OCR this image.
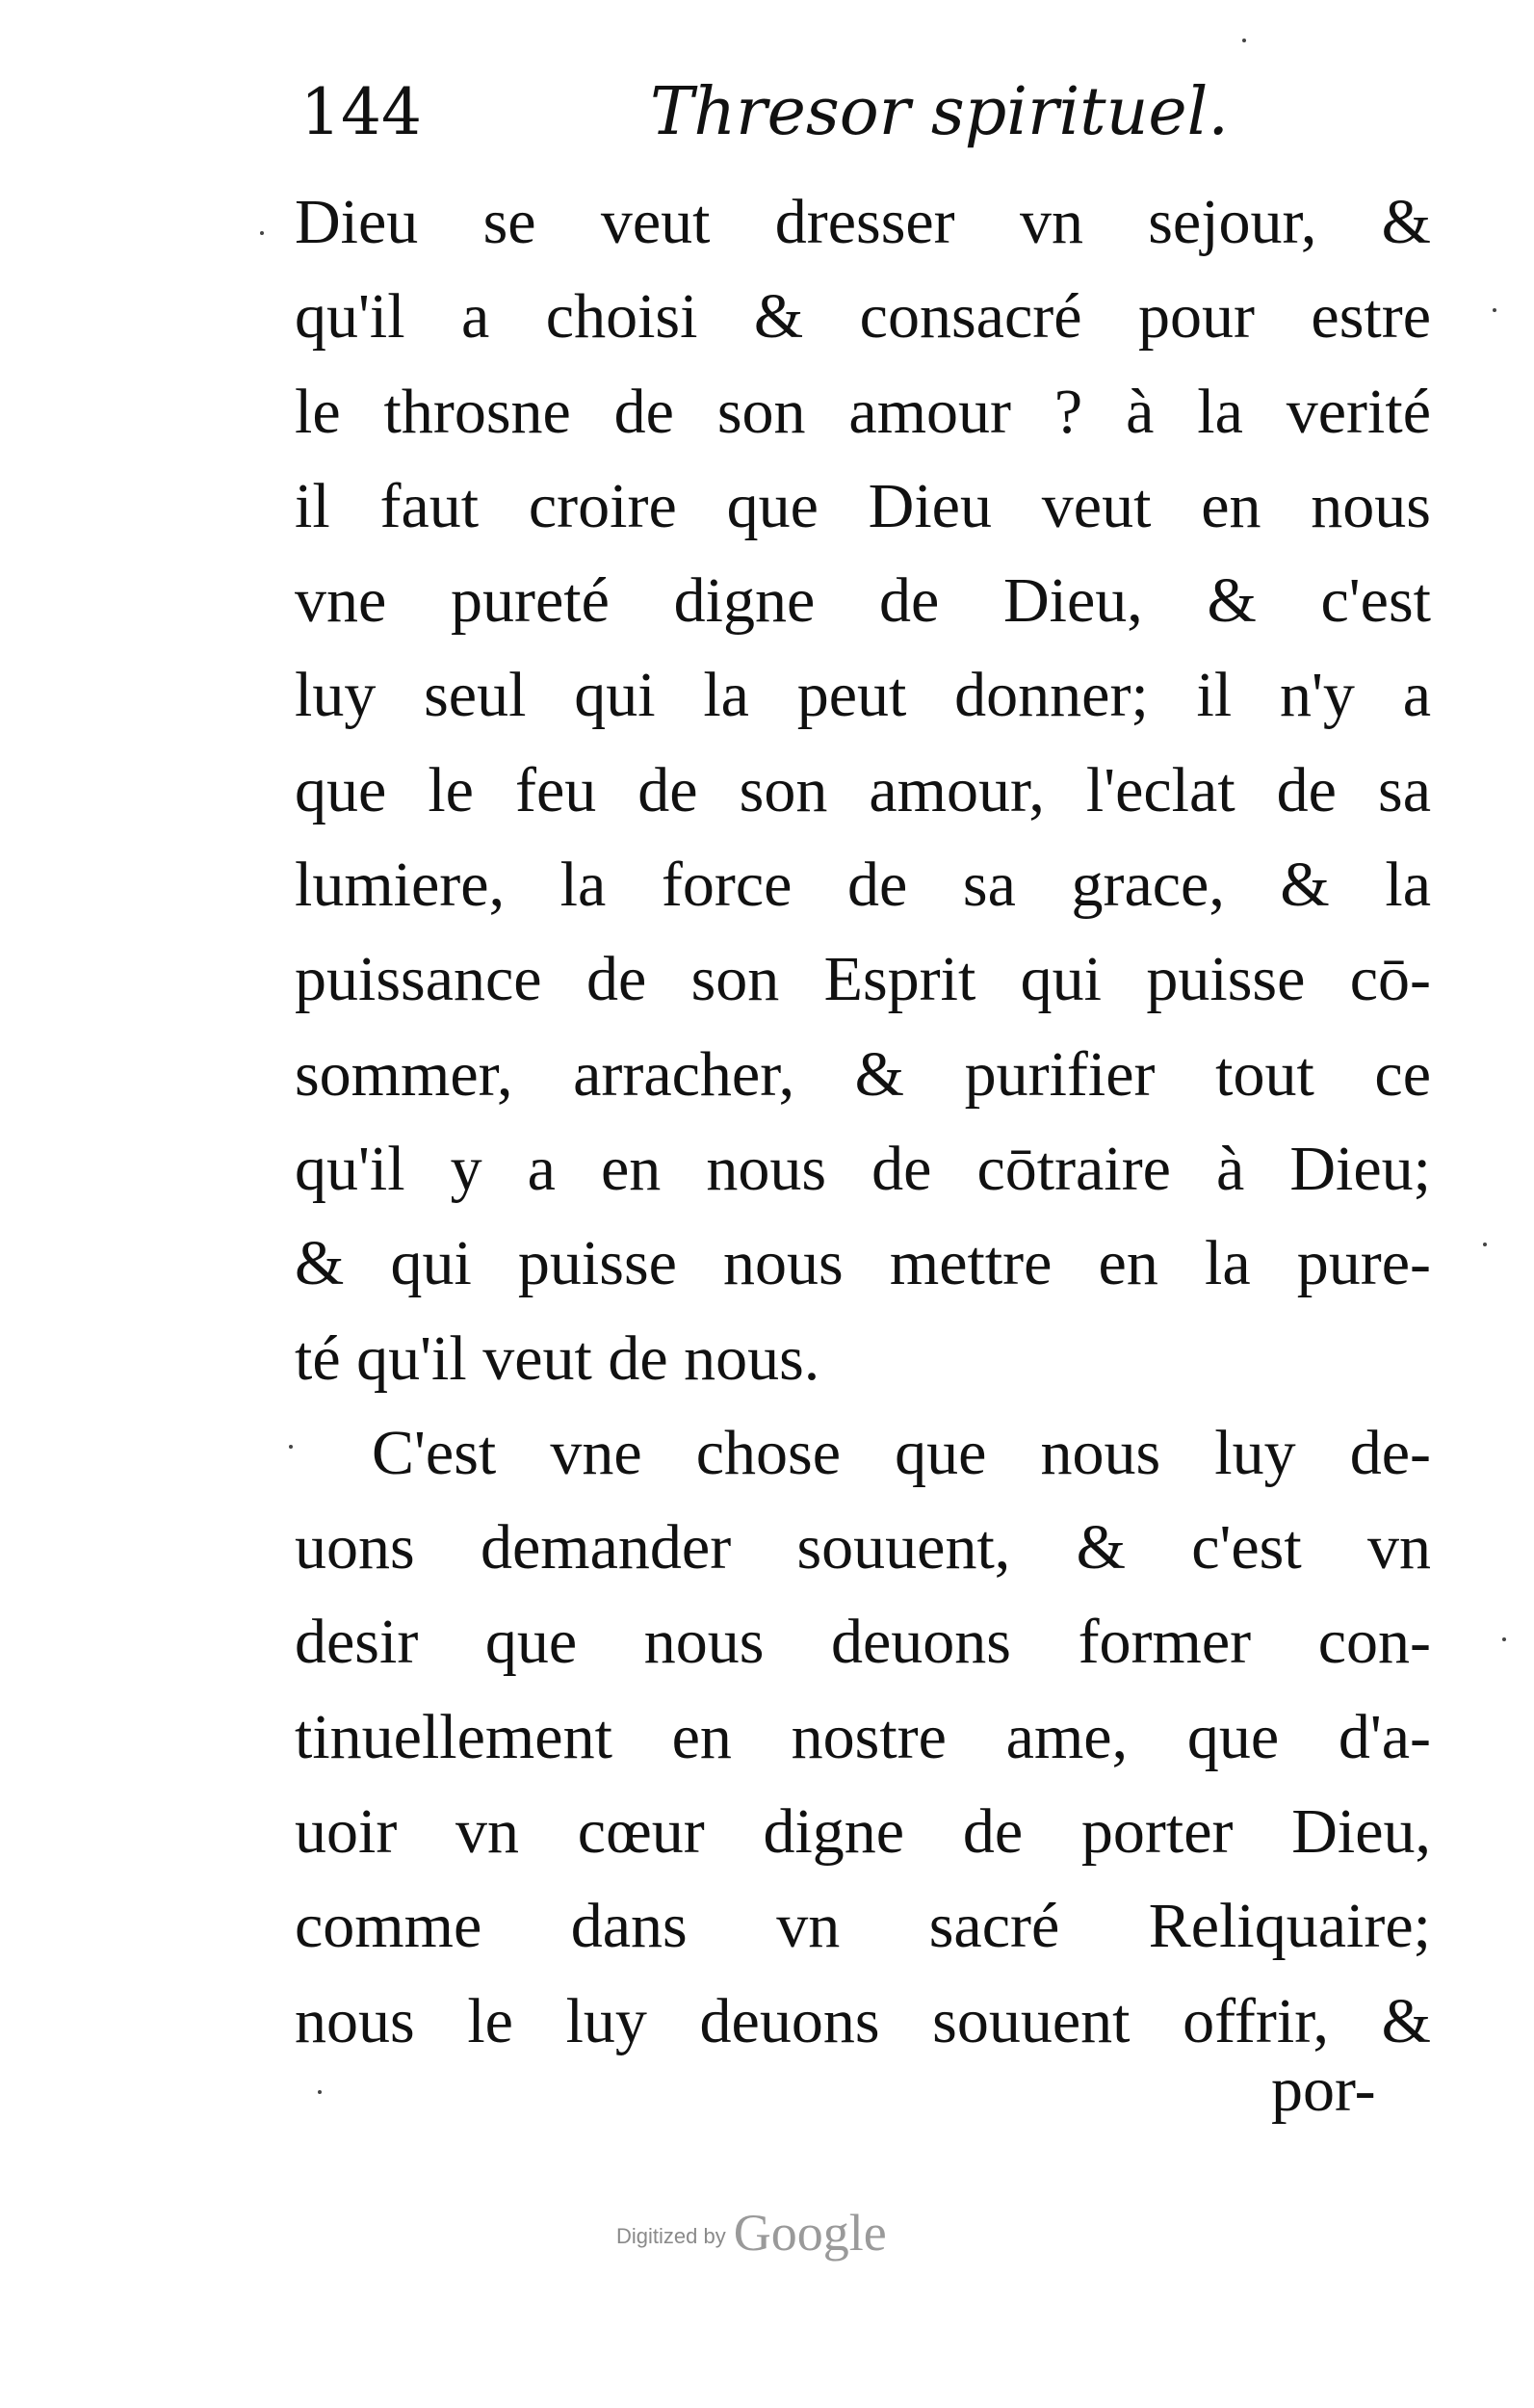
144	Thresor spirituel.
Dieu se veut dresser vn sejour, &
qu'il a choisi & consacré pour estre
le throsne de son amour ? à la verité
il faut croire que Dieu veut en nous
vne pureté digne de Dieu, & c'est
luy seul qui la peut donner; il n'y a
que le feu de son amour, l'eclat de sa
lumiere, la force de sa grace, & la
puissance de son Esprit qui puisse cō-
sommer, arracher, & purifier tout ce
qu'il y a en nous de cōtraire à Dieu;
& qui puisse nous mettre en la pure-
té qu'il veut de nous.
C'est vne chose que nous luy de-
uons demander souuent, & c'est vn
desir que nous deuons former con-
tinuellement en nostre ame, que d'a-
uoir vn cœur digne de porter Dieu,
comme dans vn sacré Reliquaire;
nous le luy deuons souuent offrir, &
por-
Digitized by Google
